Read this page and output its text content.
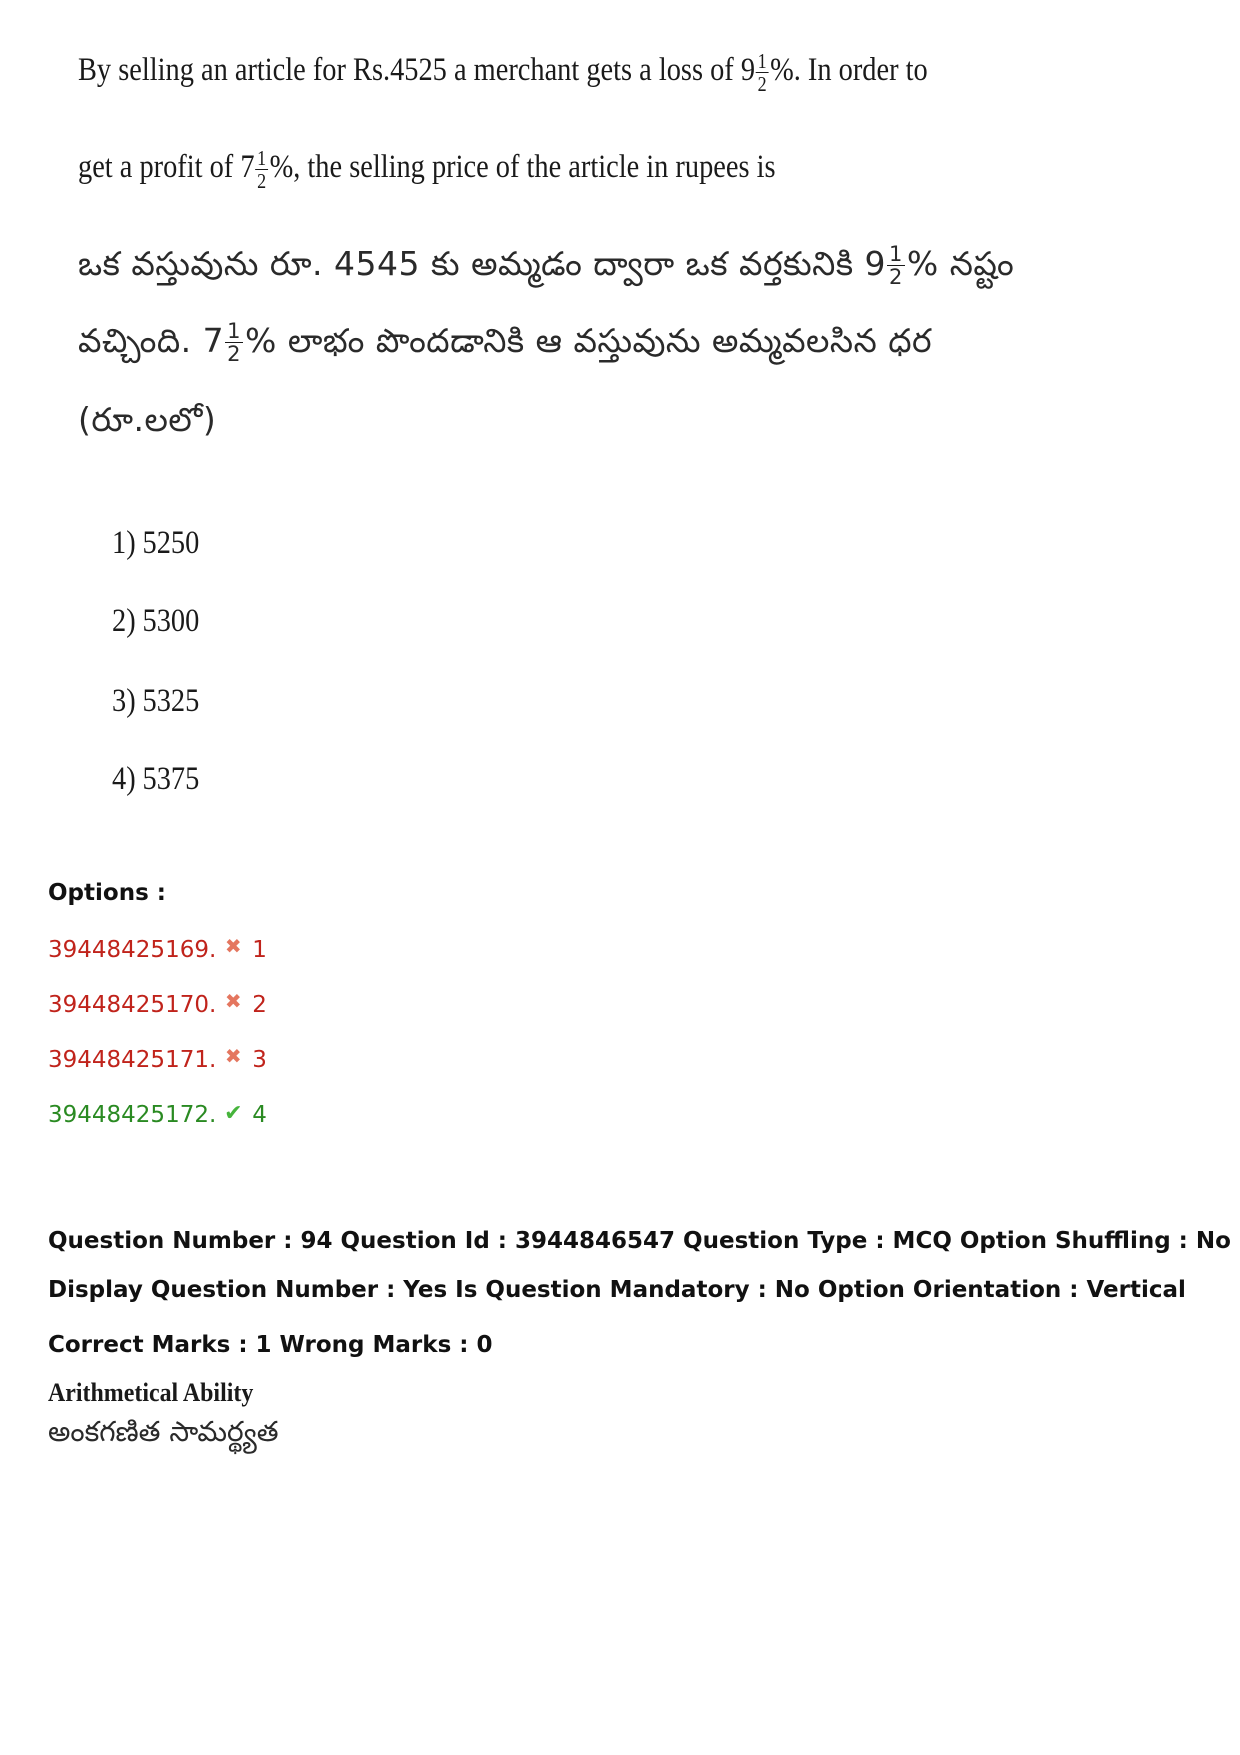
By selling an article for Rs.4525 a merchant gets a loss of $9 \frac{1}{2}$ %. In order to
get a profit of $7 \frac{1}{2}$ %, the selling price of the article in rupees is
ఒక వస్తువును రూ. 4545 కు అమ్మడం ద్వారా ఒక వర్తకునికి $9 \frac{1}{2}$ % నష్టం
వచ్చింది. $7 \frac{1}{2}$ % లాభం పొందడానికి ఆ వస్తువును అమ్మవలసిన ధర
(రూ.లలో)
1) 5250
2) 5300
3) 5325
4) 5375
Options :
39448425169. ✖ 1
39448425170. ✖ 2
39448425171. ✖ 3
39448425172. ✔ 4
Question Number : 94 Question Id : 3944846547 Question Type : MCQ Option Shuffling : No
Display Question Number : Yes Is Question Mandatory : No Option Orientation : Vertical
Correct Marks : 1 Wrong Marks : 0
Arithmetical Ability
అంకగణిత సామర్థ్యత
